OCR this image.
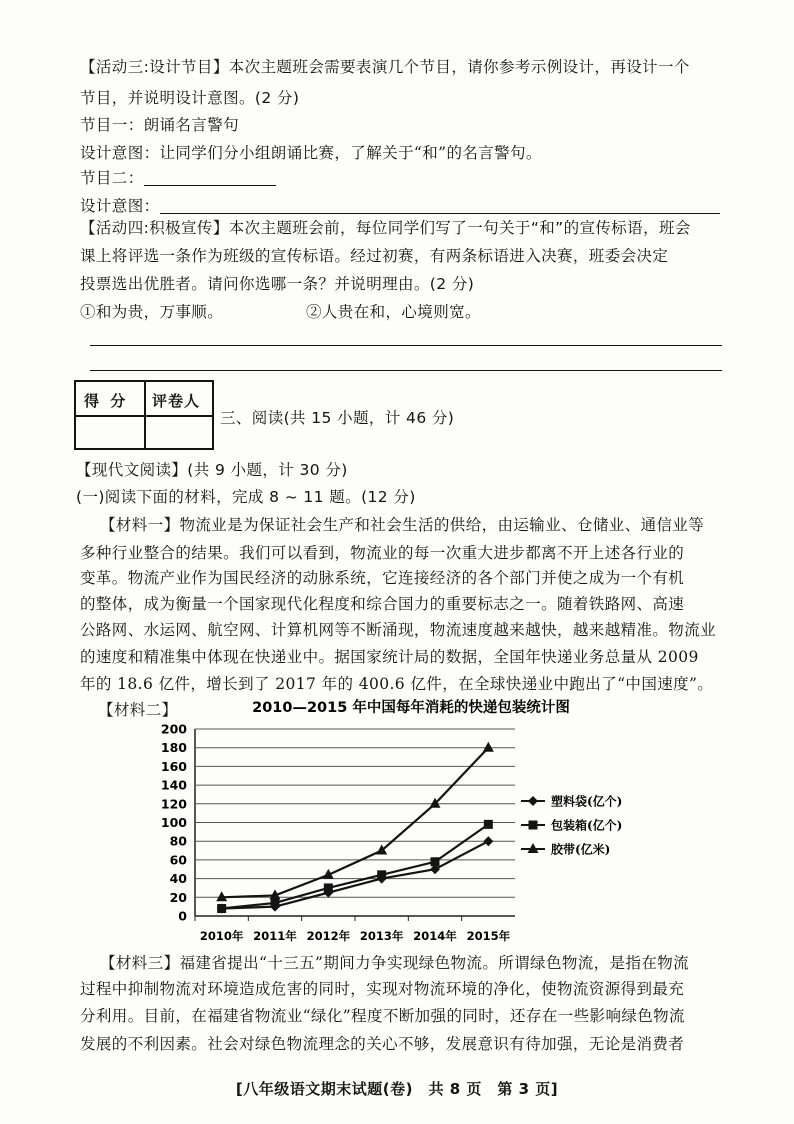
【活动三:设计节目】本次主题班会需要表演几个节目，请你参考示例设计，再设计一个
节目，并说明设计意图。(2 分)
节目一：朗诵名言警句
设计意图：让同学们分小组朗诵比赛，了解关于“和”的名言警句。
节目二：
设计意图：
【活动四:积极宣传】本次主题班会前，每位同学们写了一句关于“和”的宣传标语，班会
课上将评选一条作为班级的宣传标语。经过初赛，有两条标语进入决赛，班委会决定
投票选出优胜者。请问你选哪一条？并说明理由。(2 分)
①和为贵，万事顺。	②人贵在和，心境则宽。
得 分 评卷人
三、阅读(共 15 小题，计 46 分)
【现代文阅读】(共 9 小题，计 30 分)
(一)阅读下面的材料，完成 8 ~ 11 题。(12 分)
【材料一】物流业是为保证社会生产和社会生活的供给，由运输业、仓储业、通信业等
多种行业整合的结果。我们可以看到，物流业的每一次重大进步都离不开上述各行业的
变革。物流产业作为国民经济的动脉系统，它连接经济的各个部门并使之成为一个有机
的整体，成为衡量一个国家现代化程度和综合国力的重要标志之一。随着铁路网、高速
公路网、水运网、航空网、计算机网等不断涌现，物流速度越来越快，越来越精准。物流业
的速度和精准集中体现在快递业中。据国家统计局的数据，全国年快递业务总量从 2009
年的 18.6 亿件，增长到了 2017 年的 400.6 亿件，在全球快递业中跑出了“中国速度”。
【材料二】	2010—2015 年中国每年消耗的快递包装统计图
0
20
40
60
80
100
120
140
160
180
200
2010年 2011年 2012年 2013年 2014年 2015年
塑料袋(亿个)
包装箱(亿个)
胶带(亿米)
【材料三】福建省提出“十三五”期间力争实现绿色物流。所谓绿色物流，是指在物流
过程中抑制物流对环境造成危害的同时，实现对物流环境的净化，使物流资源得到最充
分利用。目前，在福建省物流业“绿化”程度不断加强的同时，还存在一些影响绿色物流
发展的不利因素。社会对绿色物流理念的关心不够，发展意识有待加强，无论是消费者
[八年级语文期末试题(卷)　共 8 页　第 3 页]
